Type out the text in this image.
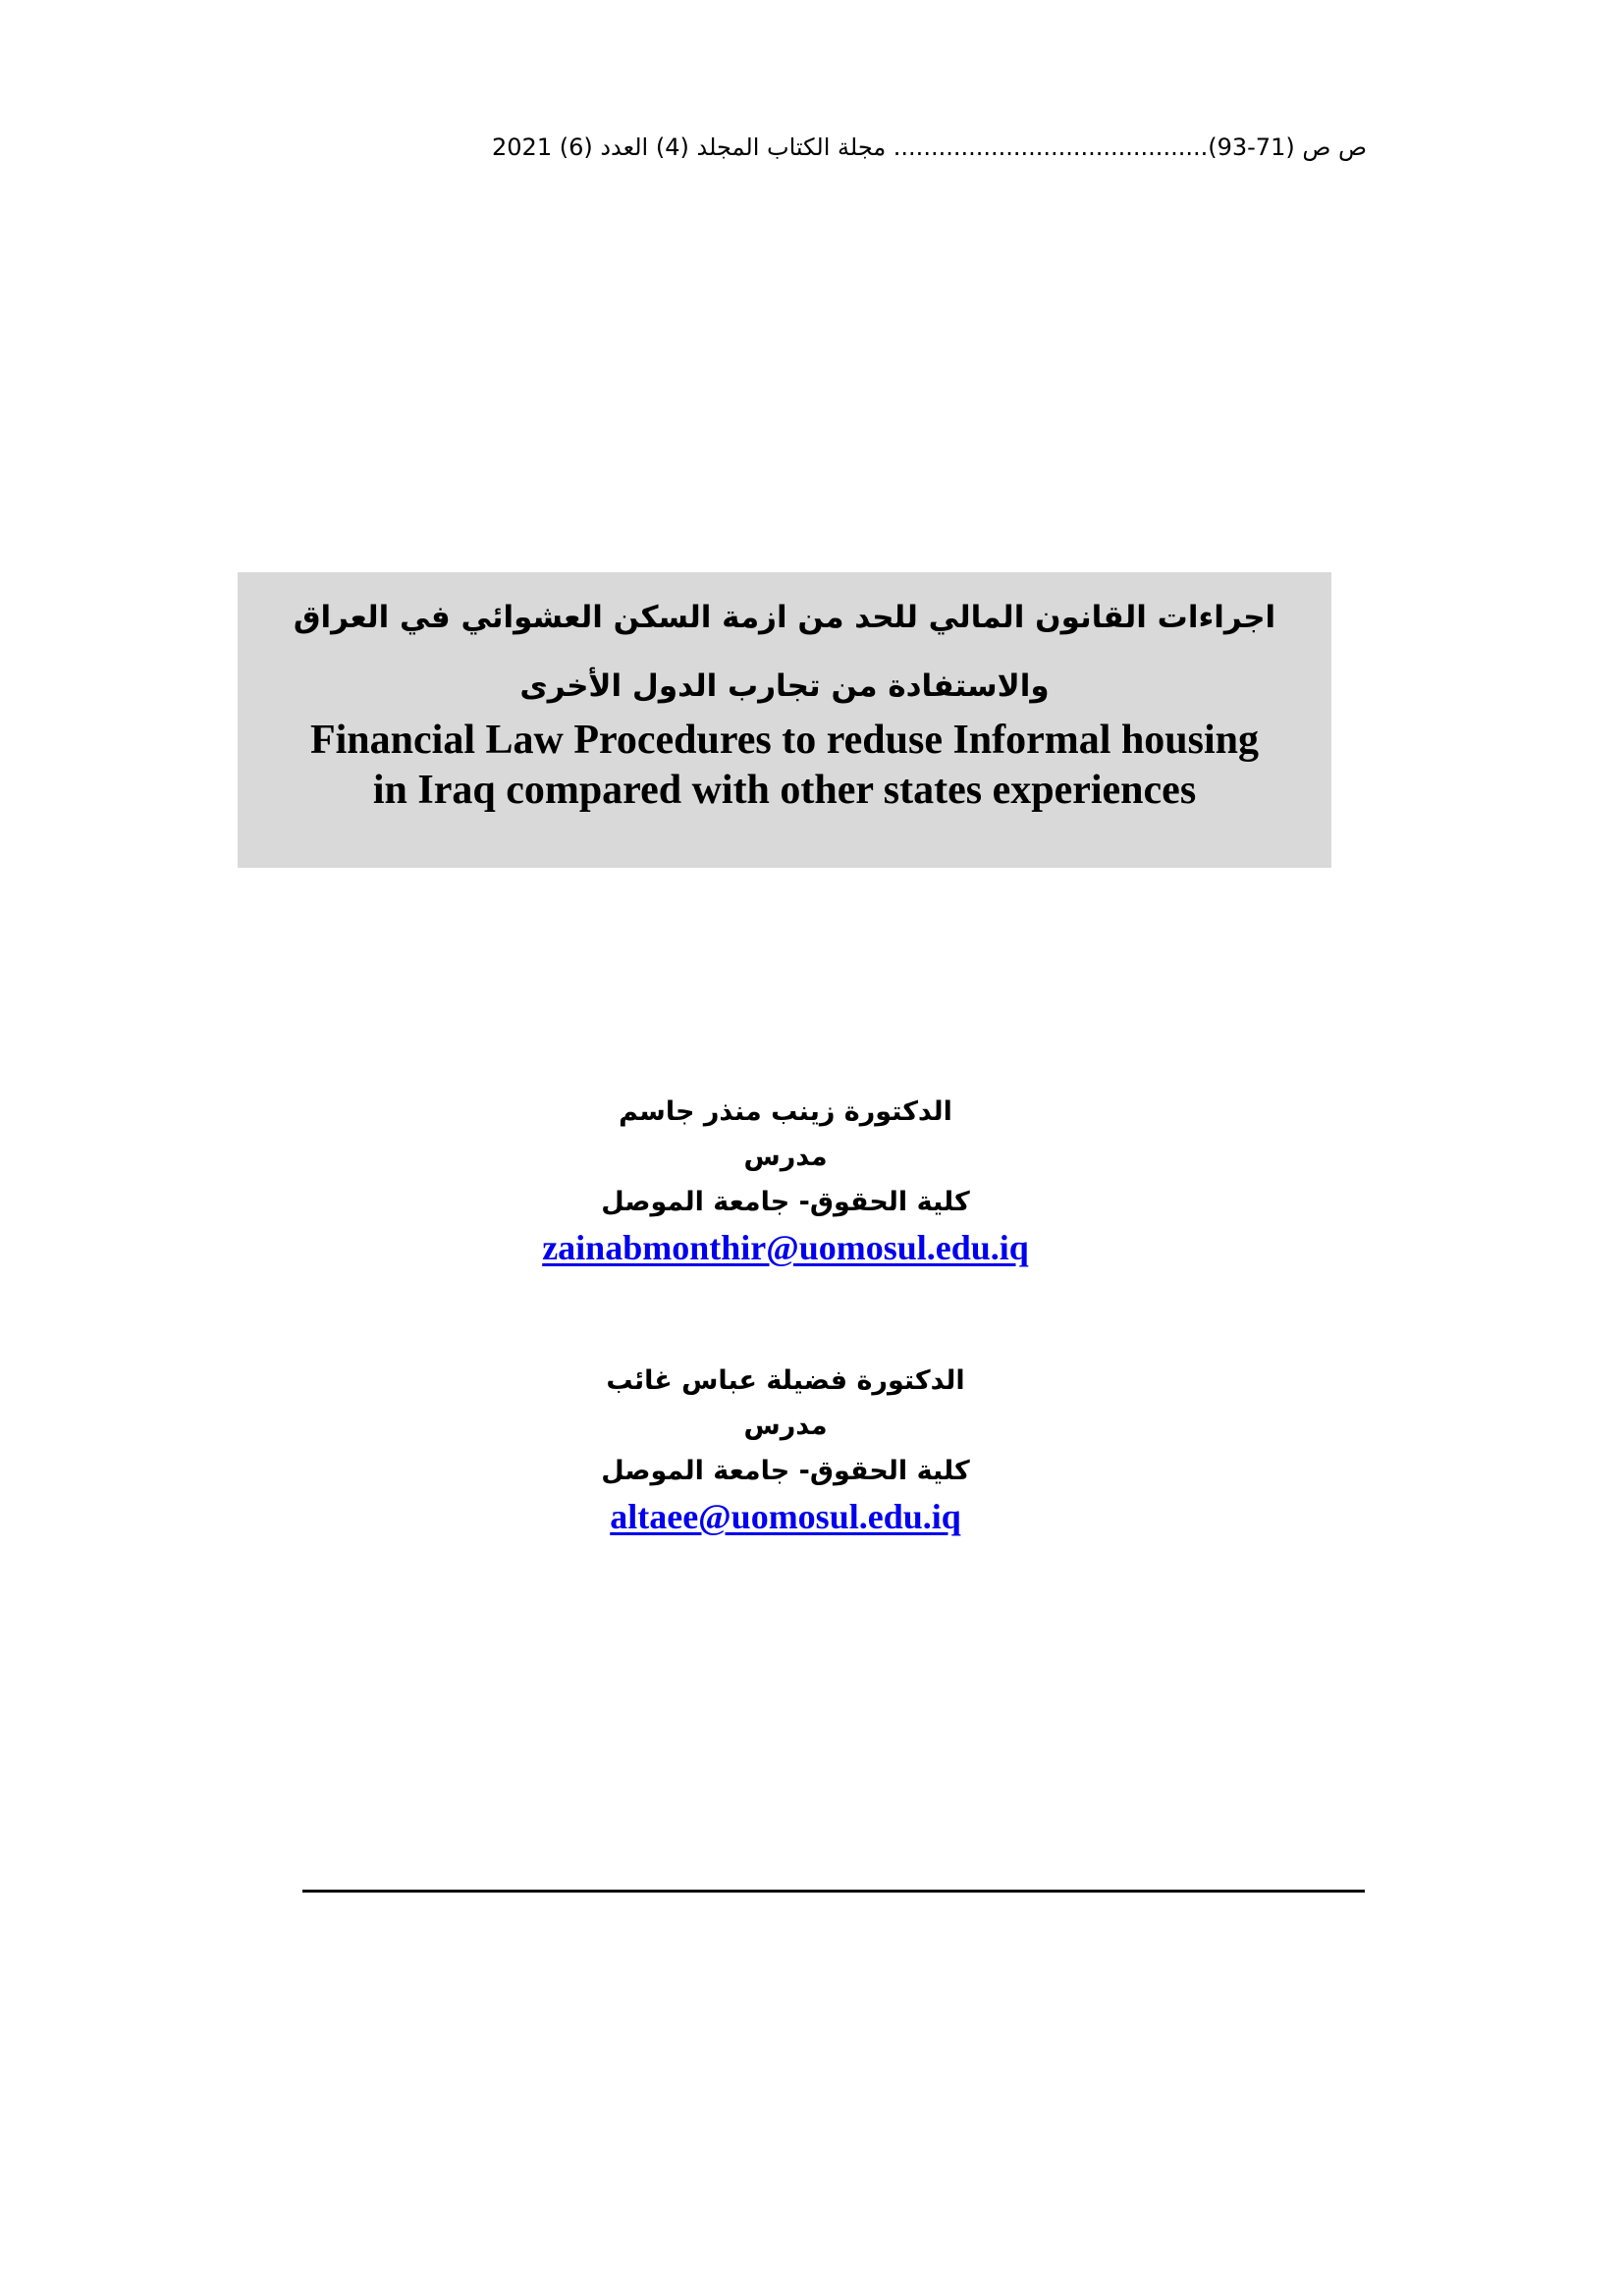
ص ص (71-93).......................................... مجلة الكتاب المجلد (4) العدد (6) 2021
اجراءات القانون المالي للحد من ازمة السكن العشوائي في العراق
والاستفادة من تجارب الدول الأخرى
Financial Law Procedures to reduse Informal housing
in Iraq compared with other states experiences
الدكتورة زينب منذر جاسم
مدرس
كلية الحقوق- جامعة الموصل
zainabmonthir@uomosul.edu.iq
الدكتورة فضيلة عباس غائب
مدرس
كلية الحقوق- جامعة الموصل
altaee@uomosul.edu.iq
